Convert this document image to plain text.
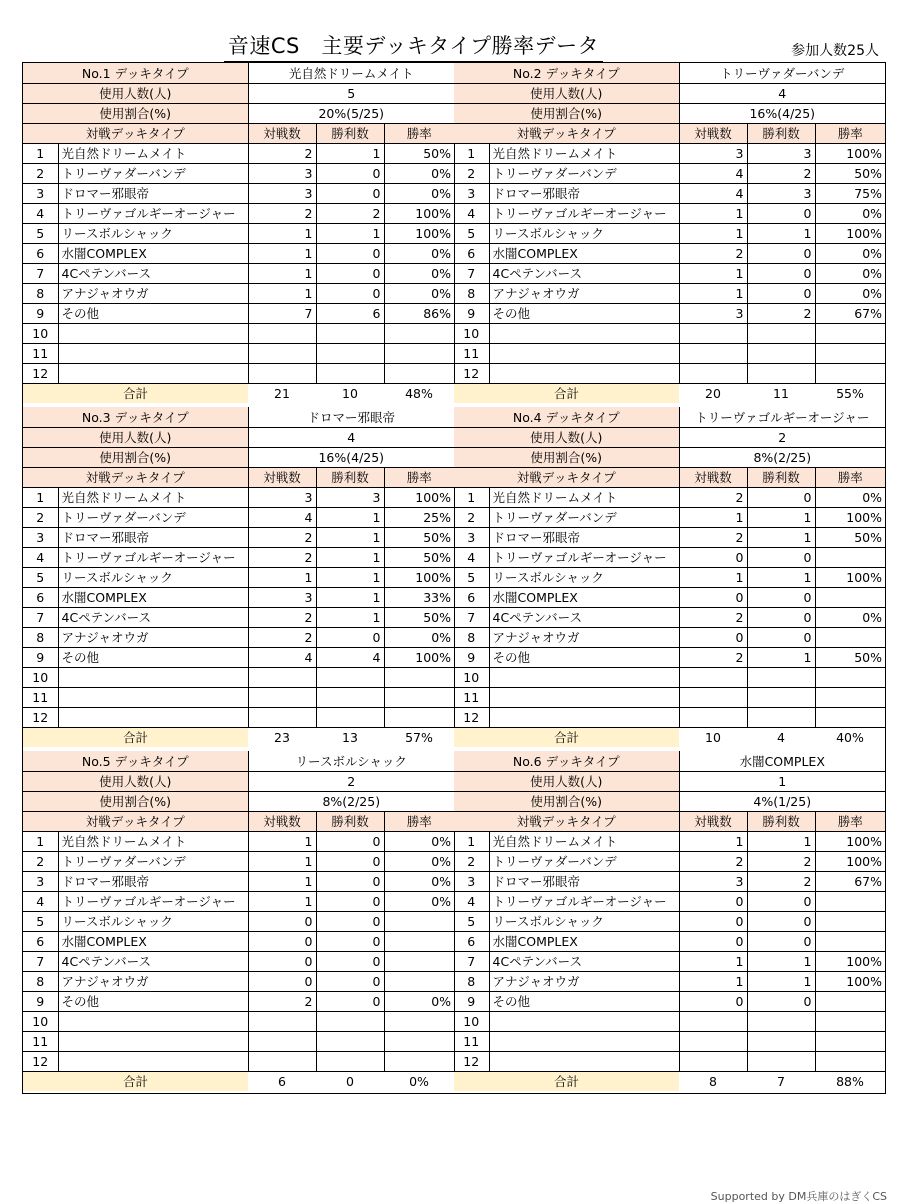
音速CS　主要デッキタイプ勝率データ	参加人数25人
No.1 デッキタイプ		光自然ドリームメイト		
使用人数(人)		5		
使用割合(%)		20%(5/25)		
対戦デッキタイプ		対戦数	勝利数	勝率
1	光自然ドリームメイト	2	1	50%
2	トリーヴァダーバンデ	3	0	0%
3	ドロマー邪眼帝	3	0	0%
4	トリーヴァゴルギーオージャー	2	2	100%
5	リースボルシャック	1	1	100%
6	水闇COMPLEX	1	0	0%
7	4Cペテンバース	1	0	0%
8	アナジャオウガ	1	0	0%
9	その他	7	6	86%
10				
11				
12				
合計		21	10	48%
No.2 デッキタイプ		トリーヴァダーバンデ		
使用人数(人)		4		
使用割合(%)		16%(4/25)		
対戦デッキタイプ		対戦数	勝利数	勝率
1	光自然ドリームメイト	3	3	100%
2	トリーヴァダーバンデ	4	2	50%
3	ドロマー邪眼帝	4	3	75%
4	トリーヴァゴルギーオージャー	1	0	0%
5	リースボルシャック	1	1	100%
6	水闇COMPLEX	2	0	0%
7	4Cペテンバース	1	0	0%
8	アナジャオウガ	1	0	0%
9	その他	3	2	67%
10				
11				
12				
合計		20	11	55%
No.3 デッキタイプ		ドロマー邪眼帝		
使用人数(人)		4		
使用割合(%)		16%(4/25)		
対戦デッキタイプ		対戦数	勝利数	勝率
1	光自然ドリームメイト	3	3	100%
2	トリーヴァダーバンデ	4	1	25%
3	ドロマー邪眼帝	2	1	50%
4	トリーヴァゴルギーオージャー	2	1	50%
5	リースボルシャック	1	1	100%
6	水闇COMPLEX	3	1	33%
7	4Cペテンバース	2	1	50%
8	アナジャオウガ	2	0	0%
9	その他	4	4	100%
10				
11				
12				
合計		23	13	57%
No.4 デッキタイプ		トリーヴァゴルギーオージャー		
使用人数(人)		2		
使用割合(%)		8%(2/25)		
対戦デッキタイプ		対戦数	勝利数	勝率
1	光自然ドリームメイト	2	0	0%
2	トリーヴァダーバンデ	1	1	100%
3	ドロマー邪眼帝	2	1	50%
4	トリーヴァゴルギーオージャー	0	0	
5	リースボルシャック	1	1	100%
6	水闇COMPLEX	0	0	
7	4Cペテンバース	2	0	0%
8	アナジャオウガ	0	0	
9	その他	2	1	50%
10				
11				
12				
合計		10	4	40%
No.5 デッキタイプ		リースボルシャック		
使用人数(人)		2		
使用割合(%)		8%(2/25)		
対戦デッキタイプ		対戦数	勝利数	勝率
1	光自然ドリームメイト	1	0	0%
2	トリーヴァダーバンデ	1	0	0%
3	ドロマー邪眼帝	1	0	0%
4	トリーヴァゴルギーオージャー	1	0	0%
5	リースボルシャック	0	0	
6	水闇COMPLEX	0	0	
7	4Cペテンバース	0	0	
8	アナジャオウガ	0	0	
9	その他	2	0	0%
10				
11				
12				
合計		6	0	0%
No.6 デッキタイプ		水闇COMPLEX		
使用人数(人)		1		
使用割合(%)		4%(1/25)		
対戦デッキタイプ		対戦数	勝利数	勝率
1	光自然ドリームメイト	1	1	100%
2	トリーヴァダーバンデ	2	2	100%
3	ドロマー邪眼帝	3	2	67%
4	トリーヴァゴルギーオージャー	0	0	
5	リースボルシャック	0	0	
6	水闇COMPLEX	0	0	
7	4Cペテンバース	1	1	100%
8	アナジャオウガ	1	1	100%
9	その他	0	0	
10				
11				
12				
合計		8	7	88%
Supported by DM兵庫のはぎくCS
